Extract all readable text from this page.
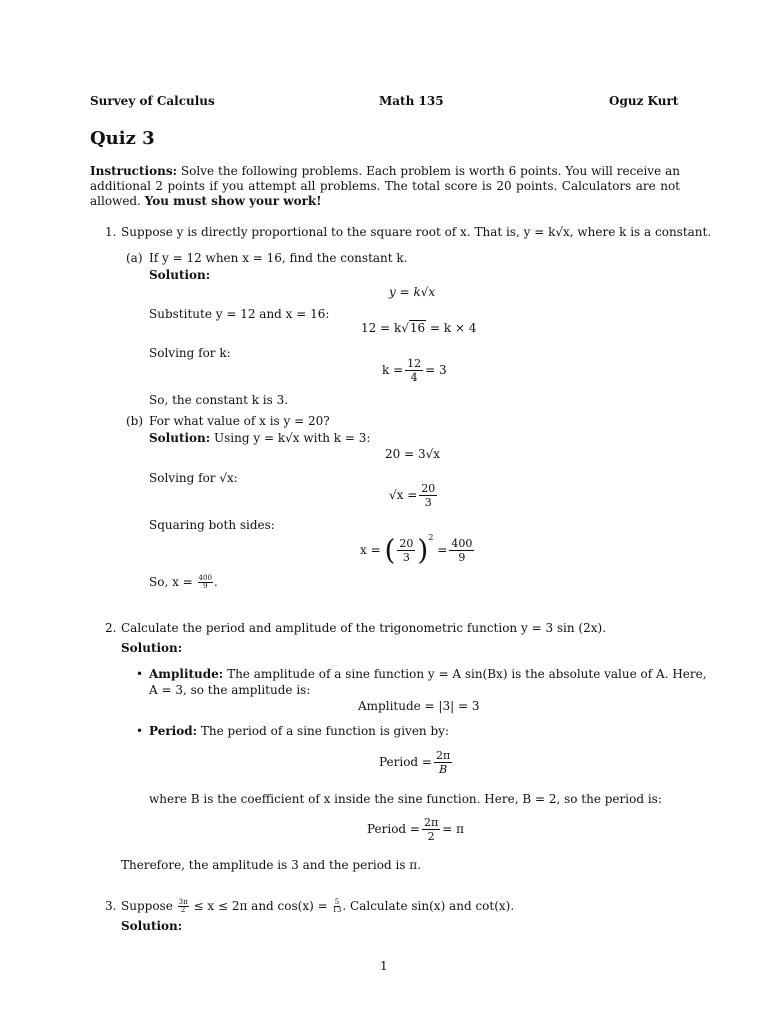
Survey of Calculus	Math 135	Oguz Kurt
Quiz 3
Instructions: Solve the following problems. Each problem is worth 6 points. You will receive an additional 2 points if you attempt all problems. The total score is 20 points. Calculators are not allowed. You must show your work!
1. Suppose y is directly proportional to the square root of x. That is, y = k√x, where k is a constant.
(a) If y = 12 when x = 16, find the constant k.
Solution:
y = k√x
Substitute y = 12 and x = 16:
12 = k√16 = k × 4
Solving for k:
$k = \frac{12}{4} = 3$
So, the constant k is 3.
(b) For what value of x is y = 20?
Solution: Using y = k√x with k = 3:
20 = 3√x
Solving for √x:
$√x = \frac{20}{3}$
Squaring both sides:
x = ( $\frac{20}{3} )^2 = \frac{400}{9}$
So, $x = \frac{400}{9}$ .
2. Calculate the period and amplitude of the trigonometric function y = 3 sin (2x).
Solution:
• Amplitude: The amplitude of a sine function y = A sin(Bx) is the absolute value of A. Here,
A = 3, so the amplitude is:
Amplitude = |3| = 3
• Period: The period of a sine function is given by:
Period = $\frac{2\pi}{B}$
where B is the coefficient of x inside the sine function. Here, B = 2, so the period is:
Period = $\frac{2\pi}{2} = \pi$
Therefore, the amplitude is 3 and the period is π.
3. Suppose $\frac{3\pi}{2} \le x \le 2\pi$ and $\cos(x) = \frac{5}{13}$ . Calculate sin(x) and cot(x).
Solution:
1
